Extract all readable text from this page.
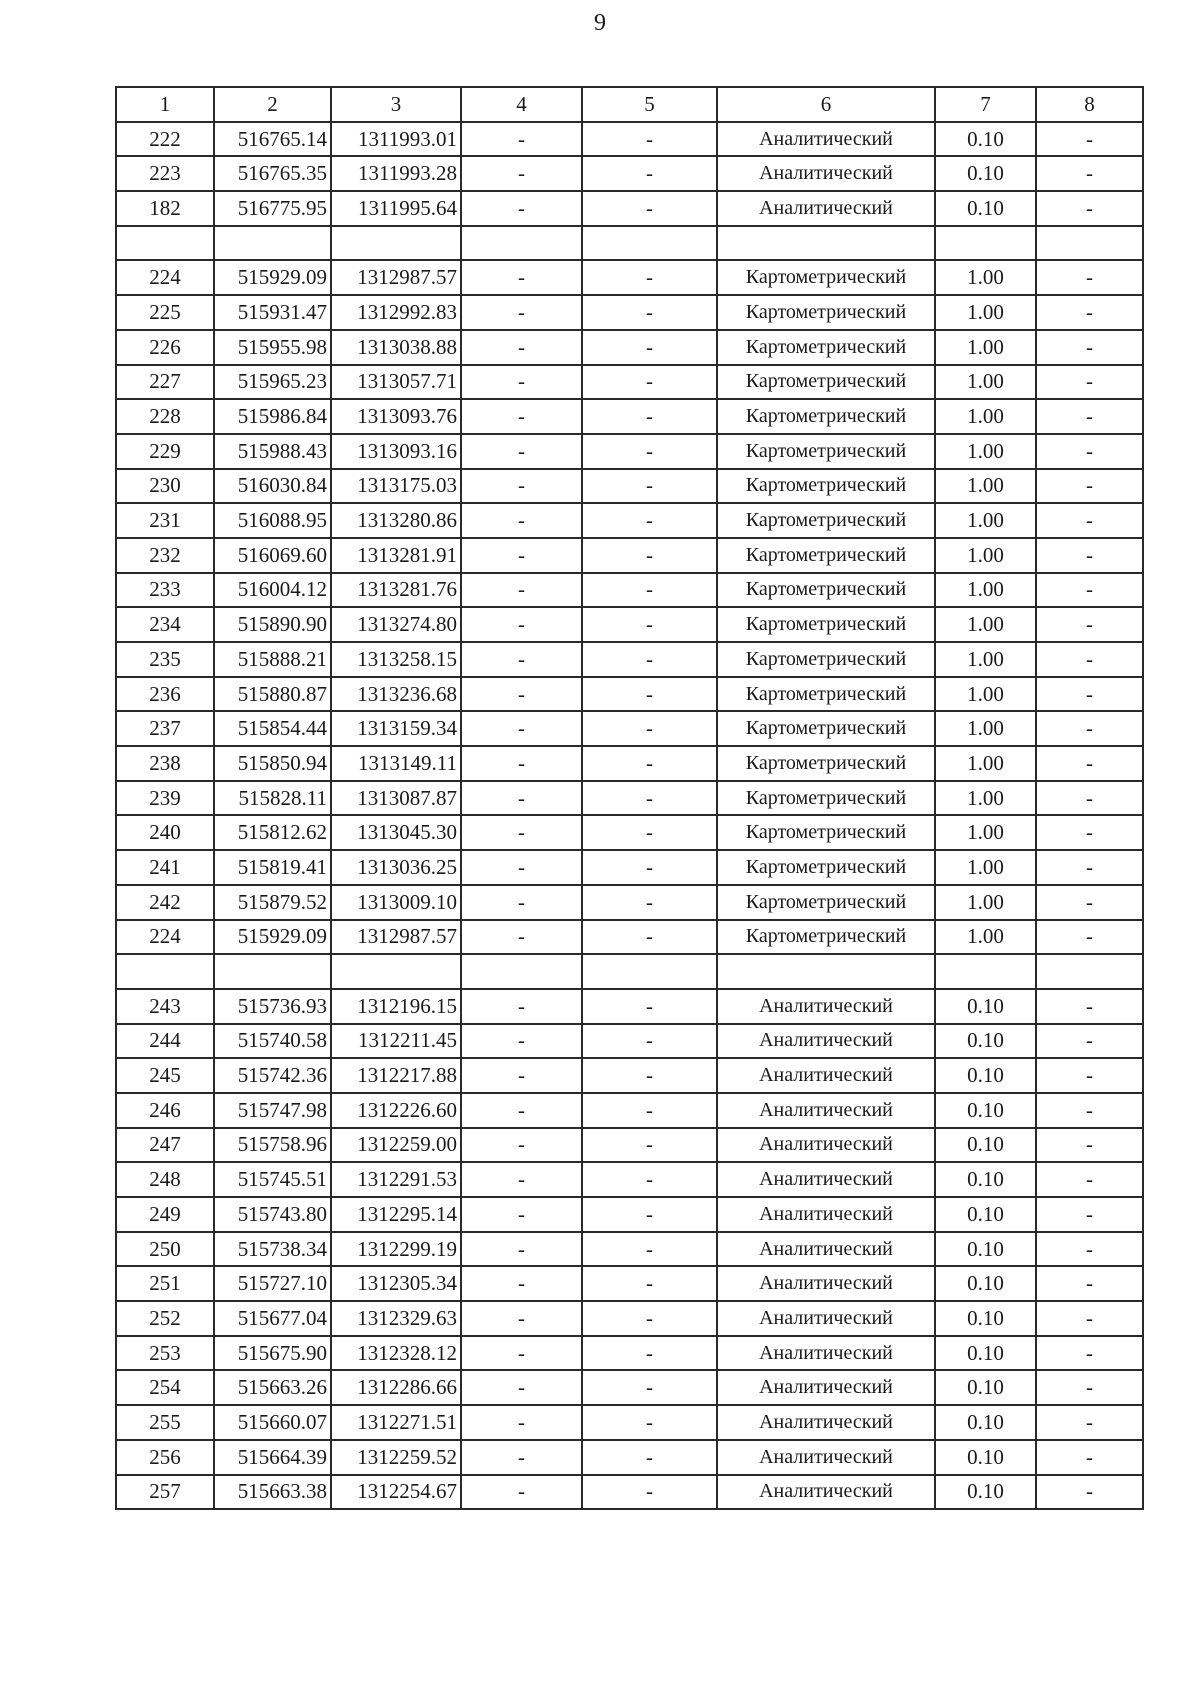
9
1	2	3	4	5	6	7	8
222	516765.14	1311993.01	-	-	Аналитический	0.10	-
223	516765.35	1311993.28	-	-	Аналитический	0.10	-
182	516775.95	1311995.64	-	-	Аналитический	0.10	-

224	515929.09	1312987.57	-	-	Картометрический	1.00	-
225	515931.47	1312992.83	-	-	Картометрический	1.00	-
226	515955.98	1313038.88	-	-	Картометрический	1.00	-
227	515965.23	1313057.71	-	-	Картометрический	1.00	-
228	515986.84	1313093.76	-	-	Картометрический	1.00	-
229	515988.43	1313093.16	-	-	Картометрический	1.00	-
230	516030.84	1313175.03	-	-	Картометрический	1.00	-
231	516088.95	1313280.86	-	-	Картометрический	1.00	-
232	516069.60	1313281.91	-	-	Картометрический	1.00	-
233	516004.12	1313281.76	-	-	Картометрический	1.00	-
234	515890.90	1313274.80	-	-	Картометрический	1.00	-
235	515888.21	1313258.15	-	-	Картометрический	1.00	-
236	515880.87	1313236.68	-	-	Картометрический	1.00	-
237	515854.44	1313159.34	-	-	Картометрический	1.00	-
238	515850.94	1313149.11	-	-	Картометрический	1.00	-
239	515828.11	1313087.87	-	-	Картометрический	1.00	-
240	515812.62	1313045.30	-	-	Картометрический	1.00	-
241	515819.41	1313036.25	-	-	Картометрический	1.00	-
242	515879.52	1313009.10	-	-	Картометрический	1.00	-
224	515929.09	1312987.57	-	-	Картометрический	1.00	-

243	515736.93	1312196.15	-	-	Аналитический	0.10	-
244	515740.58	1312211.45	-	-	Аналитический	0.10	-
245	515742.36	1312217.88	-	-	Аналитический	0.10	-
246	515747.98	1312226.60	-	-	Аналитический	0.10	-
247	515758.96	1312259.00	-	-	Аналитический	0.10	-
248	515745.51	1312291.53	-	-	Аналитический	0.10	-
249	515743.80	1312295.14	-	-	Аналитический	0.10	-
250	515738.34	1312299.19	-	-	Аналитический	0.10	-
251	515727.10	1312305.34	-	-	Аналитический	0.10	-
252	515677.04	1312329.63	-	-	Аналитический	0.10	-
253	515675.90	1312328.12	-	-	Аналитический	0.10	-
254	515663.26	1312286.66	-	-	Аналитический	0.10	-
255	515660.07	1312271.51	-	-	Аналитический	0.10	-
256	515664.39	1312259.52	-	-	Аналитический	0.10	-
257	515663.38	1312254.67	-	-	Аналитический	0.10	-
